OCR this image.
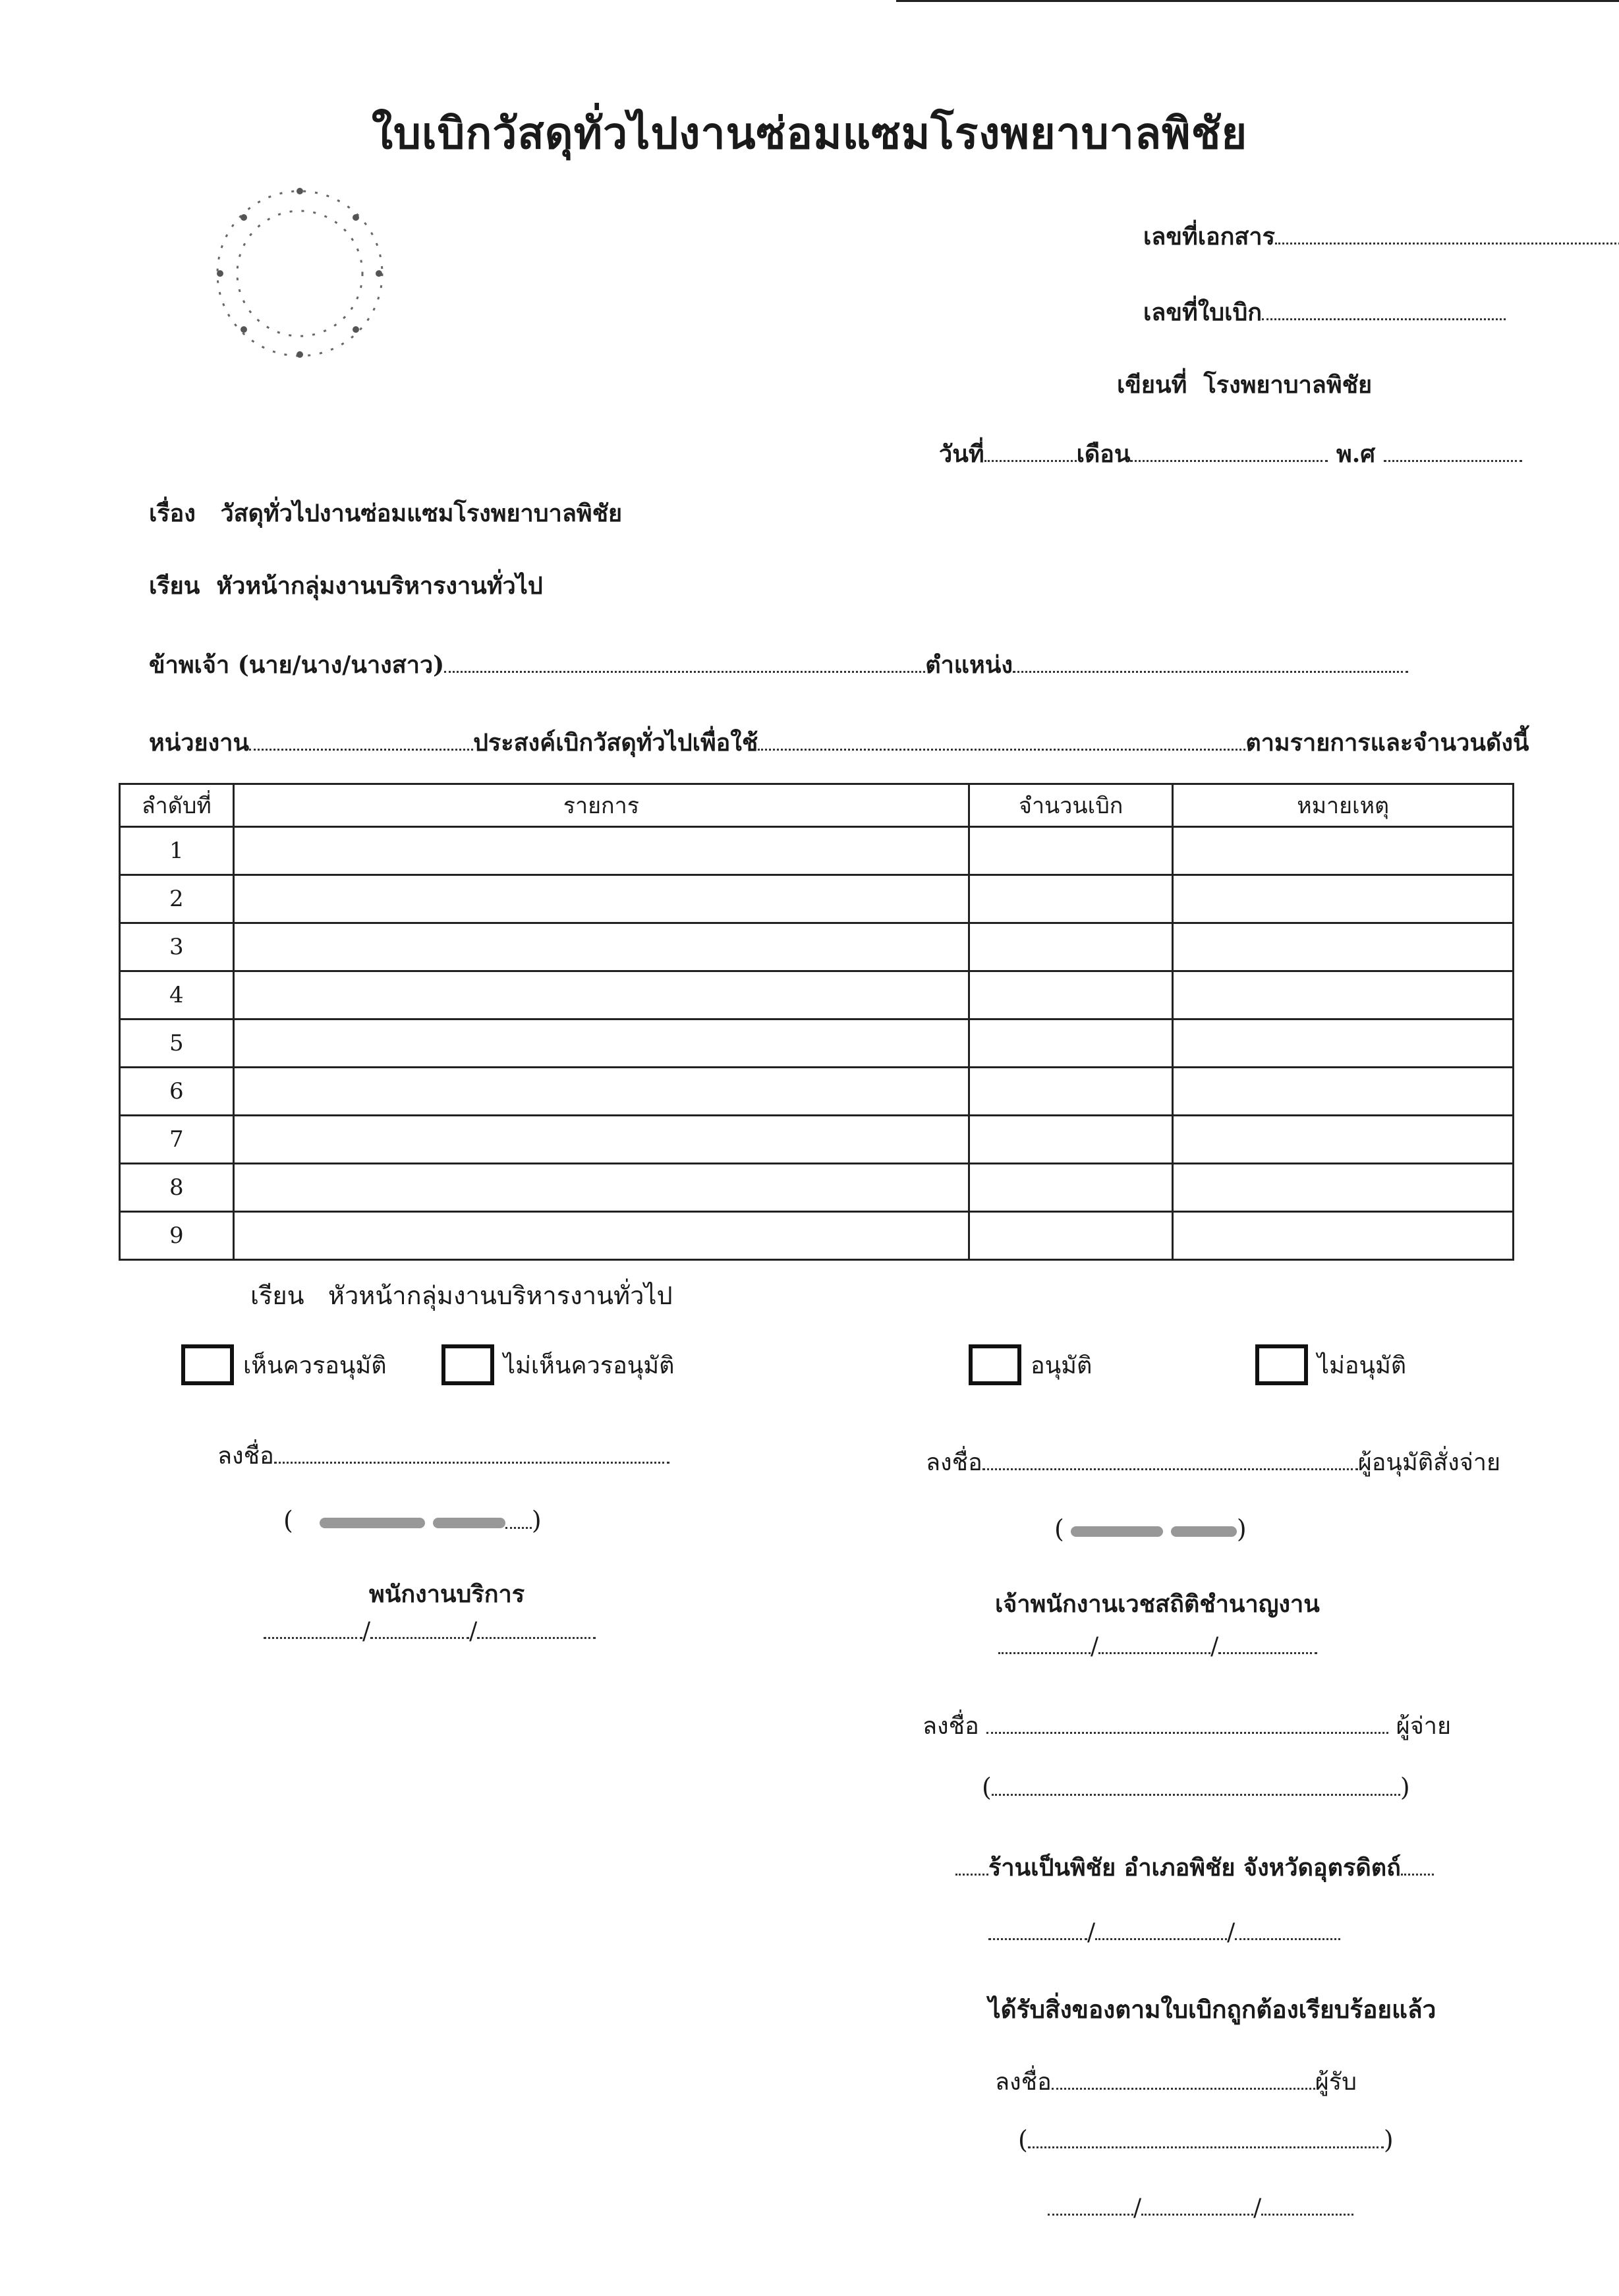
ใบเบิกวัสดุทั่วไปงานซ่อมแซมโรงพยาบาลพิชัย
เลขที่เอกสาร
เลขที่ใบเบิก
เขียนที่ โรงพยาบาลพิชัย
วันที่	เดือน	พ.ศ
เรื่อง วัสดุทั่วไปงานซ่อมแซมโรงพยาบาลพิชัย
เรียน หัวหน้ากลุ่มงานบริหารงานทั่วไป
ข้าพเจ้า (นาย/นาง/นางสาว)	ตำแหน่ง
หน่วยงาน	ประสงค์เบิกวัสดุทั่วไปเพื่อใช้	ตามรายการและจำนวนดังนี้
ลำดับที่	รายการ	จำนวนเบิก	หมายเหตุ
1			
2			
3			
4			
5			
6			
7			
8			
9			
เรียน หัวหน้ากลุ่มงานบริหารงานทั่วไป
เห็นควรอนุมัติ	ไม่เห็นควรอนุมัติ	อนุมัติ	ไม่อนุมัติ
ลงชื่อ
(	)
พนักงานบริการ
/	/
ลงชื่อ	ผู้อนุมัติสั่งจ่าย
(	)
เจ้าพนักงานเวชสถิติชำนาญงาน
/	/
ลงชื่อ	ผู้จ่าย
(	)
ร้านเป็นพิชัย อำเภอพิชัย จังหวัดอุตรดิตถ์
/	/
ได้รับสิ่งของตามใบเบิกถูกต้องเรียบร้อยแล้ว
ลงชื่อ	ผู้รับ
(	)
/	/
